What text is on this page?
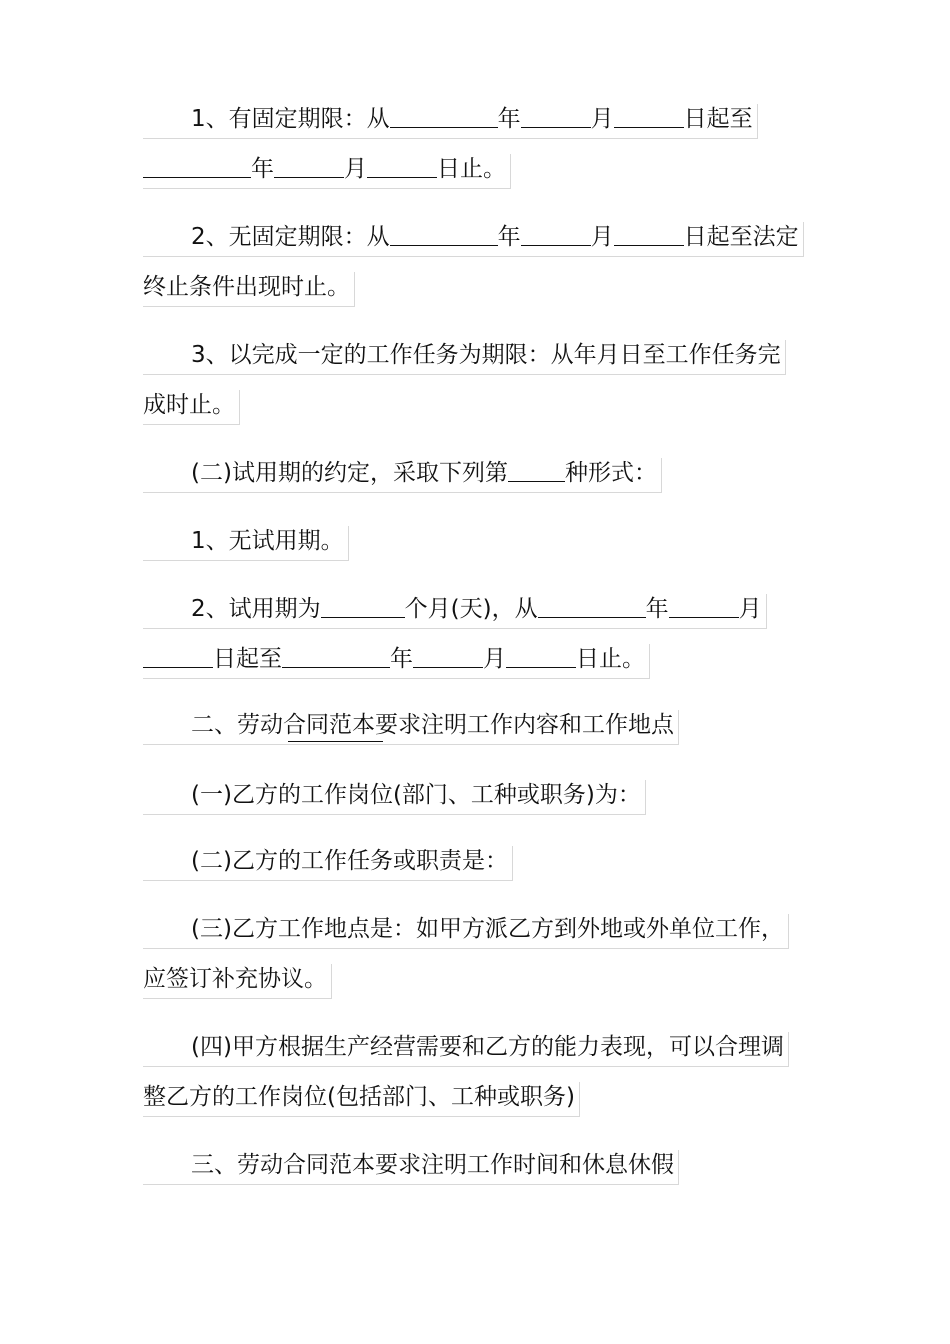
1、有固定期限：从	年	月	日起至
年	月	日止。
2、无固定期限：从	年	月	日起至法定
终止条件出现时止。
3、以完成一定的工作任务为期限：从年月日至工作任务完
成时止。
(二)试用期的约定，采取下列第 种形式：
1、无试用期。
2、试用期为	个月(天)，从	年	月
日起至	年	月	日止。
二、劳动合同范本要求注明工作内容和工作地点
(一)乙方的工作岗位(部门、工种或职务)为：
(二)乙方的工作任务或职责是：
(三)乙方工作地点是：如甲方派乙方到外地或外单位工作，
应签订补充协议。
(四)甲方根据生产经营需要和乙方的能力表现，可以合理调
整乙方的工作岗位(包括部门、工种或职务)
三、劳动合同范本要求注明工作时间和休息休假
